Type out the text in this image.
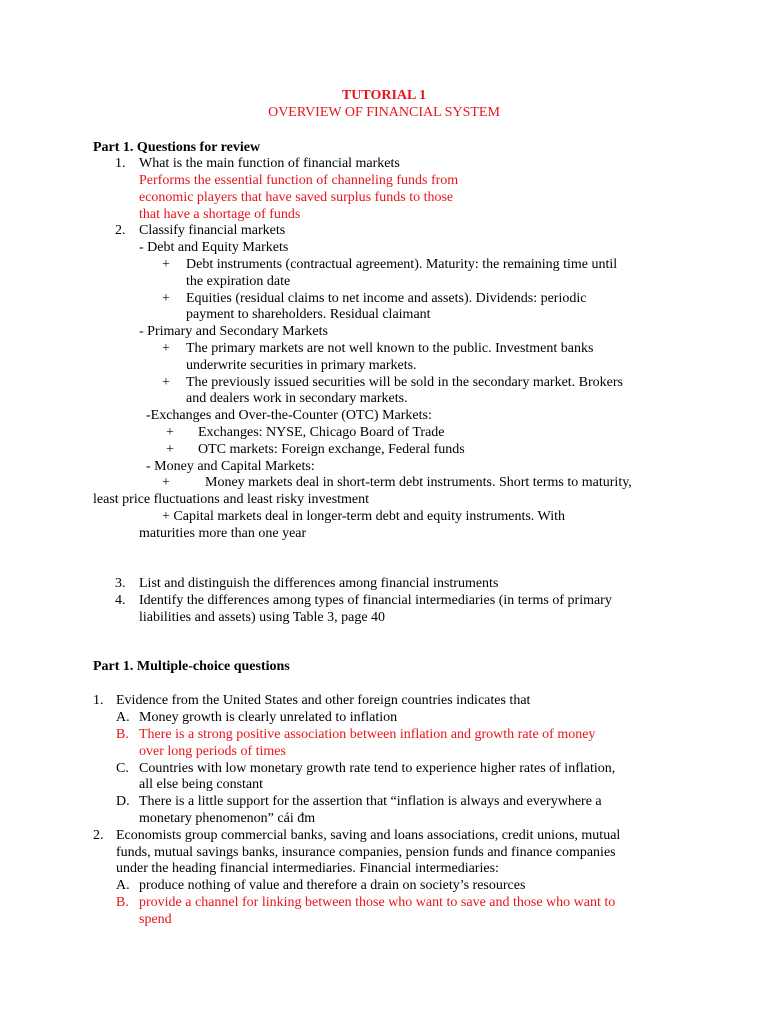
TUTORIAL 1
OVERVIEW OF FINANCIAL SYSTEM
Part 1. Questions for review
1. What is the main function of financial markets
Performs the essential function of channeling funds from
economic players that have saved surplus funds to those
that have a shortage of funds
2. Classify financial markets
- Debt and Equity Markets
+ Debt instruments (contractual agreement). Maturity: the remaining time until
the expiration date
+ Equities (residual claims to net income and assets). Dividends: periodic
payment to shareholders. Residual claimant
- Primary and Secondary Markets
+ The primary markets are not well known to the public. Investment banks
underwrite securities in primary markets.
+ The previously issued securities will be sold in the secondary market. Brokers
and dealers work in secondary markets.
-Exchanges and Over-the-Counter (OTC) Markets:
+ Exchanges: NYSE, Chicago Board of Trade
+ OTC markets: Foreign exchange, Federal funds
- Money and Capital Markets:
+	Money markets deal in short-term debt instruments. Short terms to maturity,
least price fluctuations and least risky investment
+ Capital markets deal in longer-term debt and equity instruments. With
maturities more than one year
3. List and distinguish the differences among financial instruments
4. Identify the differences among types of financial intermediaries (in terms of primary
liabilities and assets) using Table 3, page 40
Part 1. Multiple-choice questions
1. Evidence from the United States and other foreign countries indicates that
A. Money growth is clearly unrelated to inflation
B. There is a strong positive association between inflation and growth rate of money
over long periods of times
C. Countries with low monetary growth rate tend to experience higher rates of inflation,
all else being constant
D. There is a little support for the assertion that “inflation is always and everywhere a
monetary phenomenon” cái đm
2. Economists group commercial banks, saving and loans associations, credit unions, mutual
funds, mutual savings banks, insurance companies, pension funds and finance companies
under the heading financial intermediaries. Financial intermediaries:
A. produce nothing of value and therefore a drain on society’s resources
B. provide a channel for linking between those who want to save and those who want to
spend
